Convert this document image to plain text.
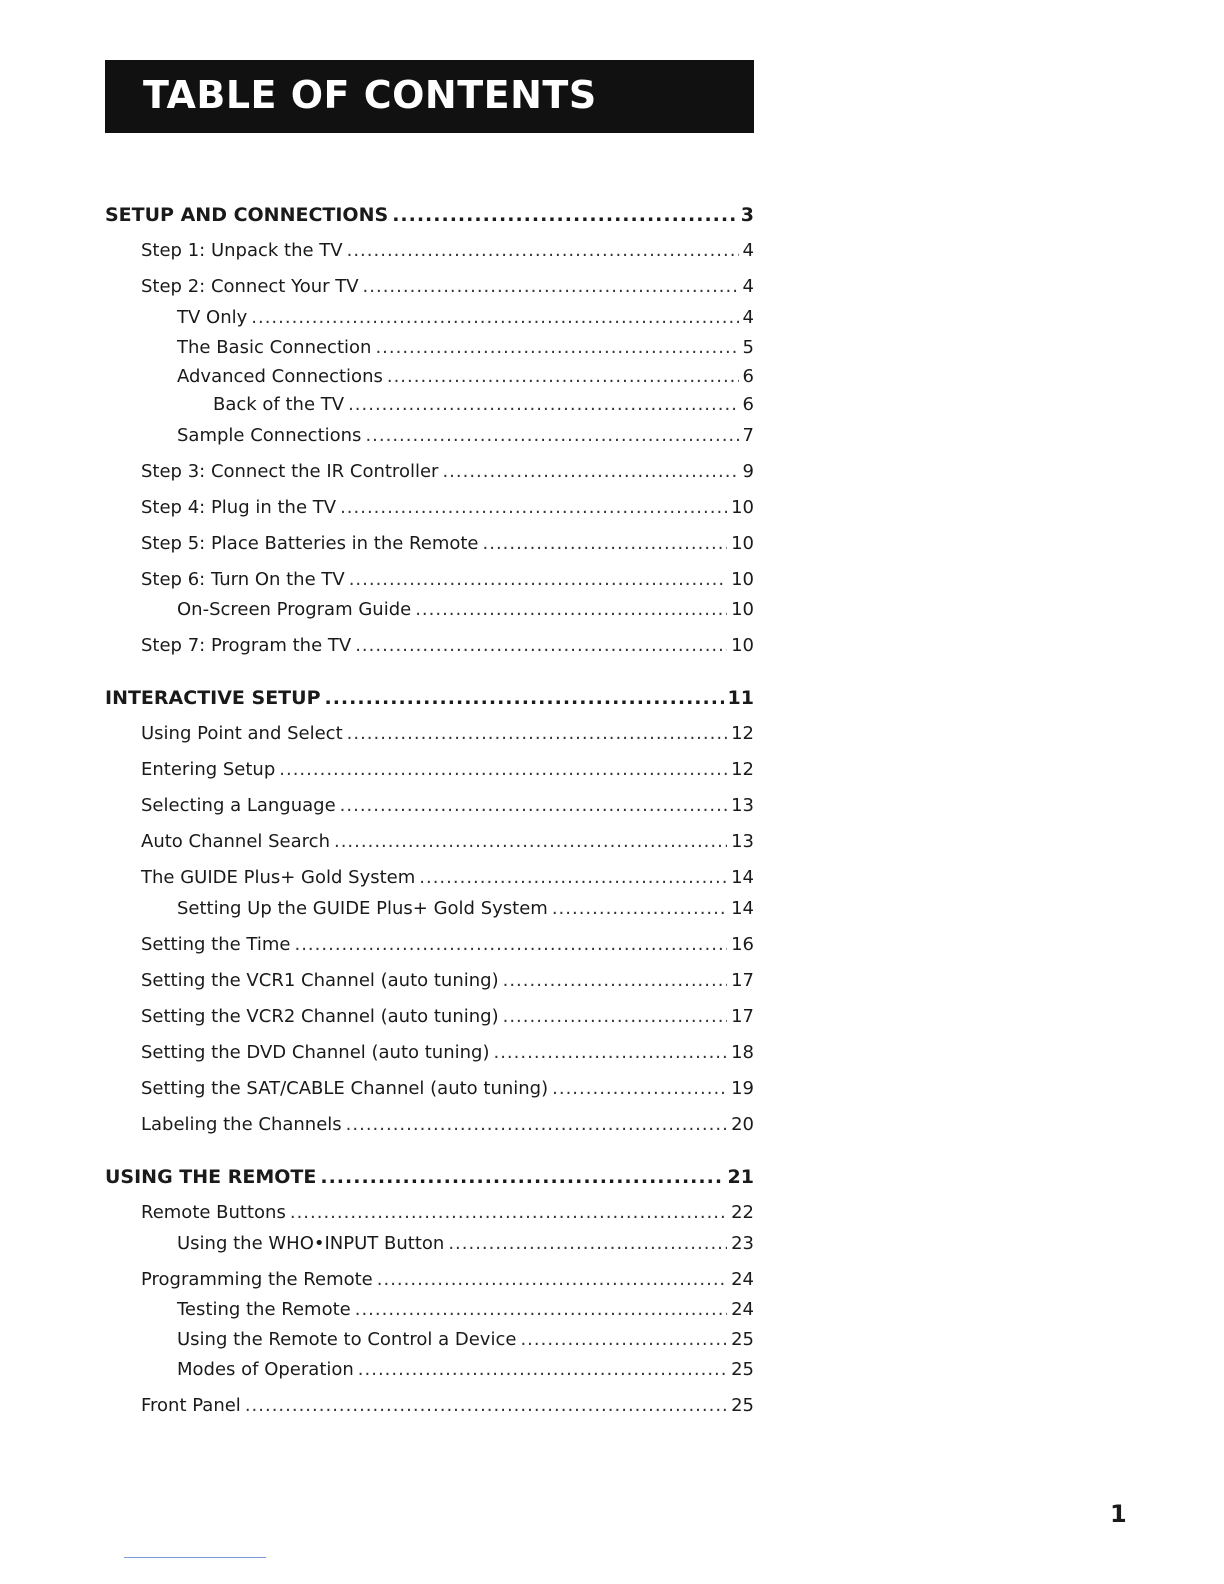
TABLE OF CONTENTS
SETUP AND CONNECTIONS .....	3
Step 1: Unpack the TV .....	4
Step 2: Connect Your TV .....	4
TV Only .....	4
The Basic Connection .....	5
Advanced Connections .....	6
Back of the TV .....	6
Sample Connections .....	7
Step 3: Connect the IR Controller .....	9
Step 4: Plug in the TV .....	10
Step 5: Place Batteries in the Remote .....	10
Step 6: Turn On the TV .....	10
On-Screen Program Guide .....	10
Step 7: Program the TV .....	10
INTERACTIVE SETUP .....	11
Using Point and Select .....	12
Entering Setup .....	12
Selecting a Language .....	13
Auto Channel Search .....	13
The GUIDE Plus+ Gold System .....	14
Setting Up the GUIDE Plus+ Gold System .....	14
Setting the Time .....	16
Setting the VCR1 Channel (auto tuning) .....	17
Setting the VCR2 Channel (auto tuning) .....	17
Setting the DVD Channel (auto tuning) .....	18
Setting the SAT/CABLE Channel (auto tuning) .....	19
Labeling the Channels .....	20
USING THE REMOTE .....	21
Remote Buttons .....	22
Using the WHO•INPUT Button .....	23
Programming the Remote .....	24
Testing the Remote .....	24
Using the Remote to Control a Device .....	25
Modes of Operation .....	25
Front Panel .....	25
1
